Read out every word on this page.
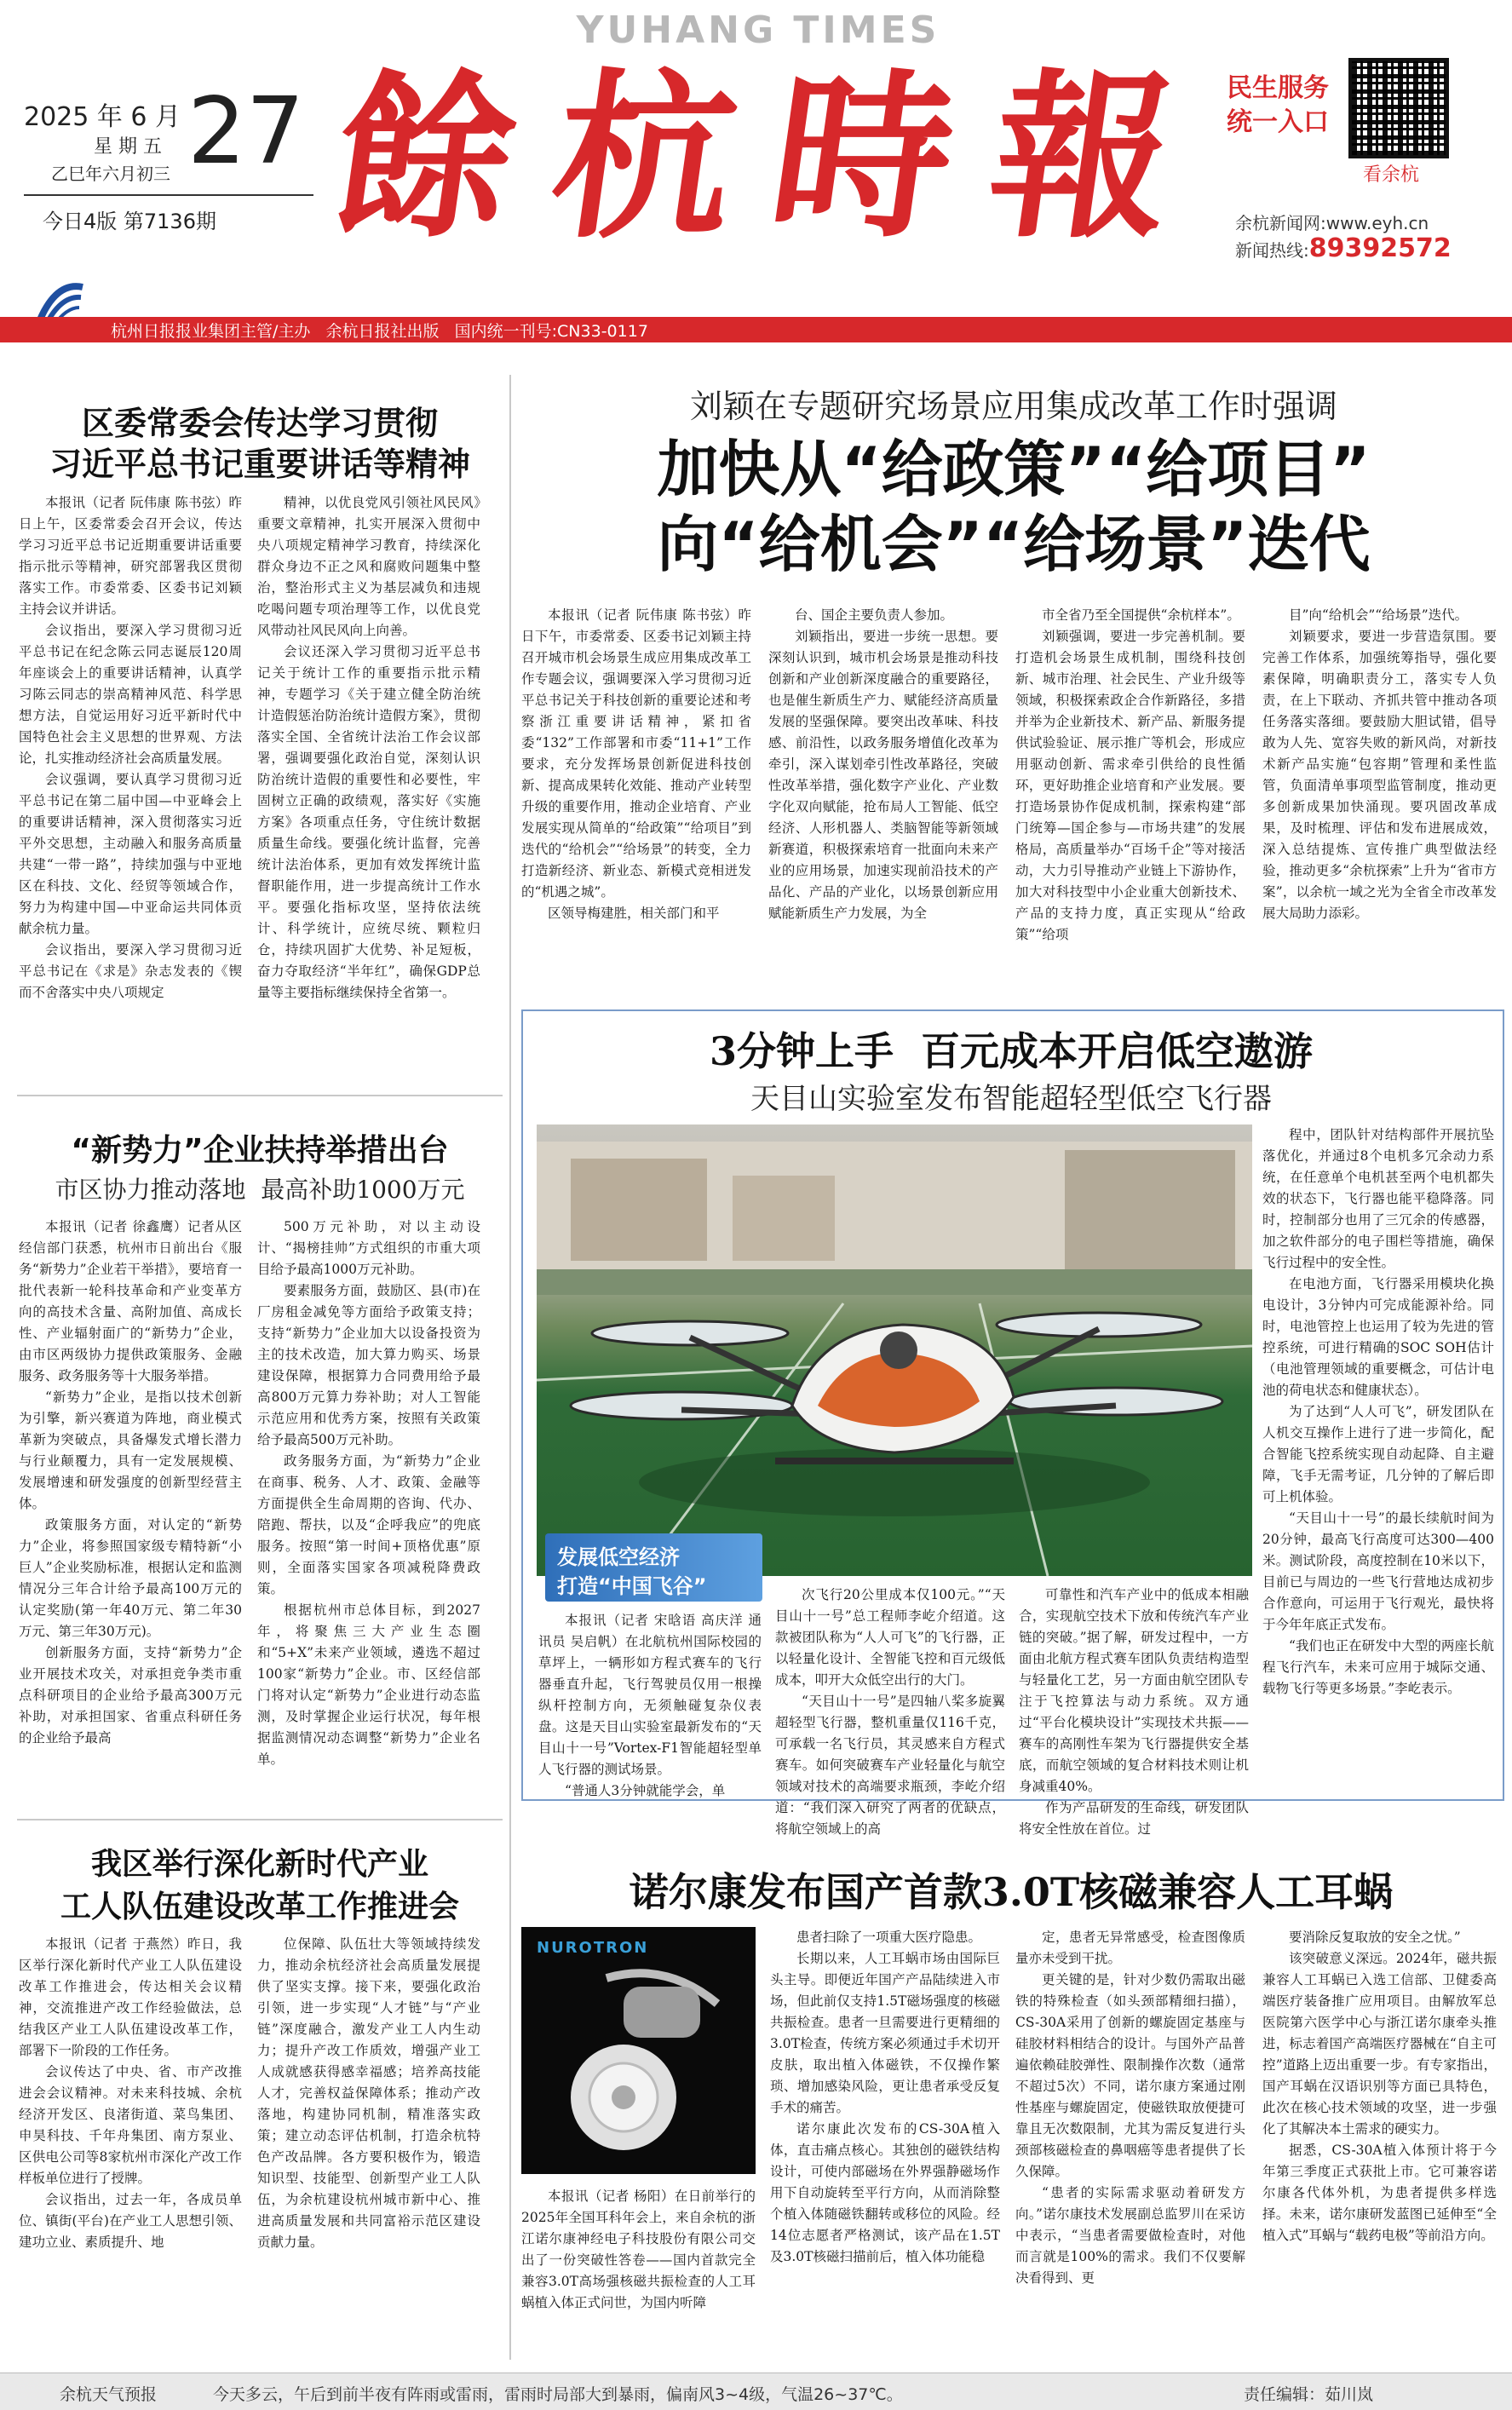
YUHANG TIMES
餘 杭 時 報
2025 年 6 月
星 期 五
乙巳年六月初三 27
今日4版 第7136期
民生服务
统一入口
看余杭
余杭新闻网:www.eyh.cn
新闻热线:89392572
杭州日报报业集团主管/主办   余杭日报社出版   国内统一刊号:CN33-0117
区委常委会传达学习贯彻
习近平总书记重要讲话等精神

本报讯（记者 阮伟康 陈书弦）昨日上午，区委常委会召开会议，传达学习习近平总书记近期重要讲话重要指示批示等精神，研究部署我区贯彻落实工作。市委常委、区委书记刘颖主持会议并讲话。

会议指出，要深入学习贯彻习近平总书记在纪念陈云同志诞辰120周年座谈会上的重要讲话精神，认真学习陈云同志的崇高精神风范、科学思想方法，自觉运用好习近平新时代中国特色社会主义思想的世界观、方法论，扎实推动经济社会高质量发展。

会议强调，要认真学习贯彻习近平总书记在第二届中国—中亚峰会上的重要讲话精神，深入贯彻落实习近平外交思想，主动融入和服务高质量共建“一带一路”，持续加强与中亚地区在科技、文化、经贸等领域合作，努力为构建中国—中亚命运共同体贡献余杭力量。

会议指出，要深入学习贯彻习近平总书记在《求是》杂志发表的《锲而不舍落实中央八项规定

精神，以优良党风引领社风民风》重要文章精神，扎实开展深入贯彻中央八项规定精神学习教育，持续深化群众身边不正之风和腐败问题集中整治，整治形式主义为基层减负和违规吃喝问题专项治理等工作，以优良党风带动社风民风向上向善。

会议还深入学习贯彻习近平总书记关于统计工作的重要指示批示精神，专题学习《关于建立健全防治统计造假惩治防治统计造假方案》，贯彻落实全国、全省统计法治工作会议部署，强调要强化政治自觉，深刻认识防治统计造假的重要性和必要性，牢固树立正确的政绩观，落实好《实施方案》各项重点任务，守住统计数据质量生命线。要强化统计监督，完善统计法治体系，更加有效发挥统计监督职能作用，进一步提高统计工作水平。要强化指标攻坚，坚持依法统计、科学统计，应统尽统、颗粒归仓，持续巩固扩大优势、补足短板，奋力夺取经济“半年红”，确保GDP总量等主要指标继续保持全省第一。

“新势力”企业扶持举措出台
市区协力推动落地  最高补助1000万元

本报讯（记者 徐鑫鹰）记者从区经信部门获悉，杭州市日前出台《服务“新势力”企业若干举措》，要培育一批代表新一轮科技革命和产业变革方向的高技术含量、高附加值、高成长性、产业辐射面广的“新势力”企业，由市区两级协力提供政策服务、金融服务、政务服务等十大服务举措。

“新势力”企业，是指以技术创新为引擎，新兴赛道为阵地，商业模式革新为突破点，具备爆发式增长潜力与行业颠覆力，具有一定发展规模、发展增速和研发强度的创新型经营主体。

政策服务方面，对认定的“新势力”企业，将参照国家级专精特新“小巨人”企业奖励标准，根据认定和监测情况分三年合计给予最高100万元的认定奖励(第一年40万元、第二年30万元、第三年30万元)。

创新服务方面，支持“新势力”企业开展技术攻关，对承担竞争类市重点科研项目的企业给予最高300万元补助，对承担国家、省重点科研任务的企业给予最高

500万元补助，对以主动设计、“揭榜挂帅”方式组织的市重大项目给予最高1000万元补助。

要素服务方面，鼓励区、县(市)在厂房租金减免等方面给予政策支持；支持“新势力”企业加大以设备投资为主的技术改造，加大算力购买、场景建设保障，根据算力合同费用给予最高800万元算力券补助；对人工智能示范应用和优秀方案，按照有关政策给予最高500万元补助。

政务服务方面，为“新势力”企业在商事、税务、人才、政策、金融等方面提供全生命周期的咨询、代办、陪跑、帮扶，以及“企呼我应”的兜底服务。按照“第一时间+顶格优惠”原则，全面落实国家各项减税降费政策。

根据杭州市总体目标，到2027年，将聚焦三大产业生态圈和“5+X”未来产业领域，遴选不超过100家“新势力”企业。市、区经信部门将对认定“新势力”企业进行动态监测，及时掌握企业运行状况，每年根据监测情况动态调整“新势力”企业名单。

我区举行深化新时代产业
工人队伍建设改革工作推进会

本报讯（记者 于燕然）昨日，我区举行深化新时代产业工人队伍建设改革工作推进会，传达相关会议精神，交流推进产改工作经验做法，总结我区产业工人队伍建设改革工作，部署下一阶段的工作任务。

会议传达了中央、省、市产改推进会会议精神。对未来科技城、余杭经济开发区、良渚街道、菜鸟集团、申昊科技、千年舟集团、南方泵业、区供电公司等8家杭州市深化产改工作样板单位进行了授牌。

会议指出，过去一年，各成员单位、镇街(平台)在产业工人思想引领、建功立业、素质提升、地

位保障、队伍壮大等领域持续发力，推动余杭经济社会高质量发展提供了坚实支撑。接下来，要强化政治引领，进一步实现“人才链”与“产业链”深度融合，激发产业工人内生动力；提升产改工作质效，增强产业工人成就感获得感幸福感；培养高技能人才，完善权益保障体系；推动产改落地，构建协同机制，精准落实政策；建立动态评估机制，打造余杭特色产改品牌。各方要积极作为，锻造知识型、技能型、创新型产业工人队伍，为余杭建设杭州城市新中心、推进高质量发展和共同富裕示范区建设贡献力量。

刘颖在专题研究场景应用集成改革工作时强调
加快从“给政策”“给项目”
向“给机会”“给场景”迭代

本报讯（记者 阮伟康 陈书弦）昨日下午，市委常委、区委书记刘颖主持召开城市机会场景生成应用集成改革工作专题会议，强调要深入学习贯彻习近平总书记关于科技创新的重要论述和考察浙江重要讲话精神，紧扣省委“132”工作部署和市委“11+1”工作要求，充分发挥场景创新促进科技创新、提高成果转化效能、推动产业转型升级的重要作用，推动企业培育、产业发展实现从简单的“给政策”“给项目”到迭代的“给机会”“给场景”的转变，全力打造新经济、新业态、新模式竞相迸发的“机遇之城”。

区领导梅建胜，相关部门和平

台、国企主要负责人参加。

刘颖指出，要进一步统一思想。要深刻认识到，城市机会场景是推动科技创新和产业创新深度融合的重要路径，也是催生新质生产力、赋能经济高质量发展的坚强保障。要突出改革味、科技感、前沿性，以政务服务增值化改革为牵引，深入谋划牵引性改革路径，突破性改革举措，强化数字产业化、产业数字化双向赋能，抢布局人工智能、低空经济、人形机器人、类脑智能等新领域新赛道，积极探索培育一批面向未来产业的应用场景，加速实现前沿技术的产品化、产品的产业化，以场景创新应用赋能新质生产力发展，为全

市全省乃至全国提供“余杭样本”。

刘颖强调，要进一步完善机制。要打造机会场景生成机制，围绕科技创新、城市治理、社会民生、产业升级等领域，积极探索政企合作新路径，多措并举为企业新技术、新产品、新服务提供试验验证、展示推广等机会，形成应用驱动创新、需求牵引供给的良性循环，更好助推企业培育和产业发展。要打造场景协作促成机制，探索构建“部门统筹—国企参与—市场共建”的发展格局，高质量举办“百场千企”等对接活动，大力引导推动产业链上下游协作，加大对科技型中小企业重大创新技术、产品的支持力度，真正实现从“给政策”“给项

目”向“给机会”“给场景”迭代。

刘颖要求，要进一步营造氛围。要完善工作体系，加强统筹指导，强化要素保障，明确职责分工，落实专人负责，在上下联动、齐抓共管中推动各项任务落实落细。要鼓励大胆试错，倡导敢为人先、宽容失败的新风尚，对新技术新产品实施“包容期”管理和柔性监管，负面清单事项型监管制度，推动更多创新成果加快涌现。要巩固改革成果，及时梳理、评估和发布进展成效，深入总结提炼、宣传推广典型做法经验，推动更多“余杭探索”上升为“省市方案”，以余杭一域之光为全省全市改革发展大局助力添彩。

3分钟上手  百元成本开启低空遨游
天目山实验室发布智能超轻型低空飞行器
发展低空经济
打造“中国飞谷”

程中，团队针对结构部件开展抗坠落优化，并通过8个电机多冗余动力系统，在任意单个电机甚至两个电机都失效的状态下，飞行器也能平稳降落。同时，控制部分也用了三冗余的传感器，加之软件部分的电子围栏等措施，确保飞行过程中的安全性。

在电池方面，飞行器采用模块化换电设计，3分钟内可完成能源补给。同时，电池管控上也运用了较为先进的管控系统，可进行精确的SOC SOH估计（电池管理领域的重要概念，可估计电池的荷电状态和健康状态）。

为了达到“人人可飞”，研发团队在人机交互操作上进行了进一步简化，配合智能飞控系统实现自动起降、自主避障，飞手无需考证，几分钟的了解后即可上机体验。

“天目山十一号”的最长续航时间为20分钟，最高飞行高度可达300—400米。测试阶段，高度控制在10米以下，目前已与周边的一些飞行营地达成初步合作意向，可运用于飞行观光，最快将于今年年底正式发布。

“我们也正在研发中大型的两座长航程飞行汽车，未来可应用于城际交通、载物飞行等更多场景。”李屹表示。

本报讯（记者 宋晗语 高庆洋 通讯员 吴启帆）在北航杭州国际校园的草坪上，一辆形如方程式赛车的飞行器垂直升起，飞行驾驶员仅用一根操纵杆控制方向，无须触碰复杂仪表盘。这是天目山实验室最新发布的“天目山十一号”Vortex-F1智能超轻型单人飞行器的测试场景。

“普通人3分钟就能学会，单

次飞行20公里成本仅100元。”“天目山十一号”总工程师李屹介绍道。这款被团队称为“人人可飞”的飞行器，正以轻量化设计、全智能飞控和百元级低成本，叩开大众低空出行的大门。

“天目山十一号”是四轴八桨多旋翼超轻型飞行器，整机重量仅116千克，可承载一名飞行员，其灵感来自方程式赛车。如何突破赛车产业轻量化与航空领域对技术的高端要求瓶颈，李屹介绍道：“我们深入研究了两者的优缺点，将航空领域上的高

可靠性和汽车产业中的低成本相融合，实现航空技术下放和传统汽车产业链的突破。”据了解，研发过程中，一方面由北航方程式赛车团队负责结构造型与轻量化工艺，另一方面由航空团队专注于飞控算法与动力系统。双方通过“平台化模块设计”实现技术共振——赛车的高刚性车架为飞行器提供安全基底，而航空领域的复合材料技术则让机身减重40%。

作为产品研发的生命线，研发团队将安全性放在首位。过

诺尔康发布国产首款3.0T核磁兼容人工耳蜗
NUROTRON

本报讯（记者 杨阳）在日前举行的2025年全国耳科年会上，来自余杭的浙江诺尔康神经电子科技股份有限公司交出了一份突破性答卷——国内首款完全兼容3.0T高场强核磁共振检查的人工耳蜗植入体正式问世，为国内听障

患者扫除了一项重大医疗隐患。

长期以来，人工耳蜗市场由国际巨头主导。即便近年国产产品陆续进入市场，但此前仅支持1.5T磁场强度的核磁共振检查。患者一旦需要进行更精细的3.0T检查，传统方案必须通过手术切开皮肤，取出植入体磁铁，不仅操作繁琐、增加感染风险，更让患者承受反复手术的痛苦。

诺尔康此次发布的CS-30A植入体，直击痛点核心。其独创的磁铁结构设计，可使内部磁场在外界强静磁场作用下自动旋转至平行方向，从而消除整个植入体随磁铁翻转或移位的风险。经14位志愿者严格测试，该产品在1.5T及3.0T核磁扫描前后，植入体功能稳

定，患者无异常感受，检查图像质量亦未受到干扰。

更关键的是，针对少数仍需取出磁铁的特殊检查（如头颈部精细扫描），CS-30A采用了创新的螺旋固定基座与硅胶材料相结合的设计。与国外产品普遍依赖硅胶弹性、限制操作次数（通常不超过5次）不同，诺尔康方案通过刚性基座与螺旋固定，使磁铁取放便捷可靠且无次数限制，尤其为需反复进行头颈部核磁检查的鼻咽癌等患者提供了长久保障。

“患者的实际需求驱动着研发方向。”诺尔康技术发展副总监罗川在采访中表示，“当患者需要做检查时，对他而言就是100%的需求。我们不仅要解决看得到、更

要消除反复取放的安全之忧。”

该突破意义深远。2024年，磁共振兼容人工耳蜗已入选工信部、卫健委高端医疗装备推广应用项目。由解放军总医院第六医学中心与浙江诺尔康牵头推进，标志着国产高端医疗器械在“自主可控”道路上迈出重要一步。有专家指出，国产耳蜗在汉语识别等方面已具特色，此次在核心技术领域的攻坚，进一步强化了其解决本土需求的硬实力。

据悉，CS-30A植入体预计将于今年第三季度正式获批上市。它可兼容诺尔康各代体外机，为患者提供多样选择。未来，诺尔康研发蓝图已延伸至“全植入式”耳蜗与“载药电极”等前沿方向。

余杭天气预报	今天多云，午后到前半夜有阵雨或雷雨，雷雨时局部大到暴雨，偏南风3~4级，气温26~37℃。	责任编辑：茹川岚
